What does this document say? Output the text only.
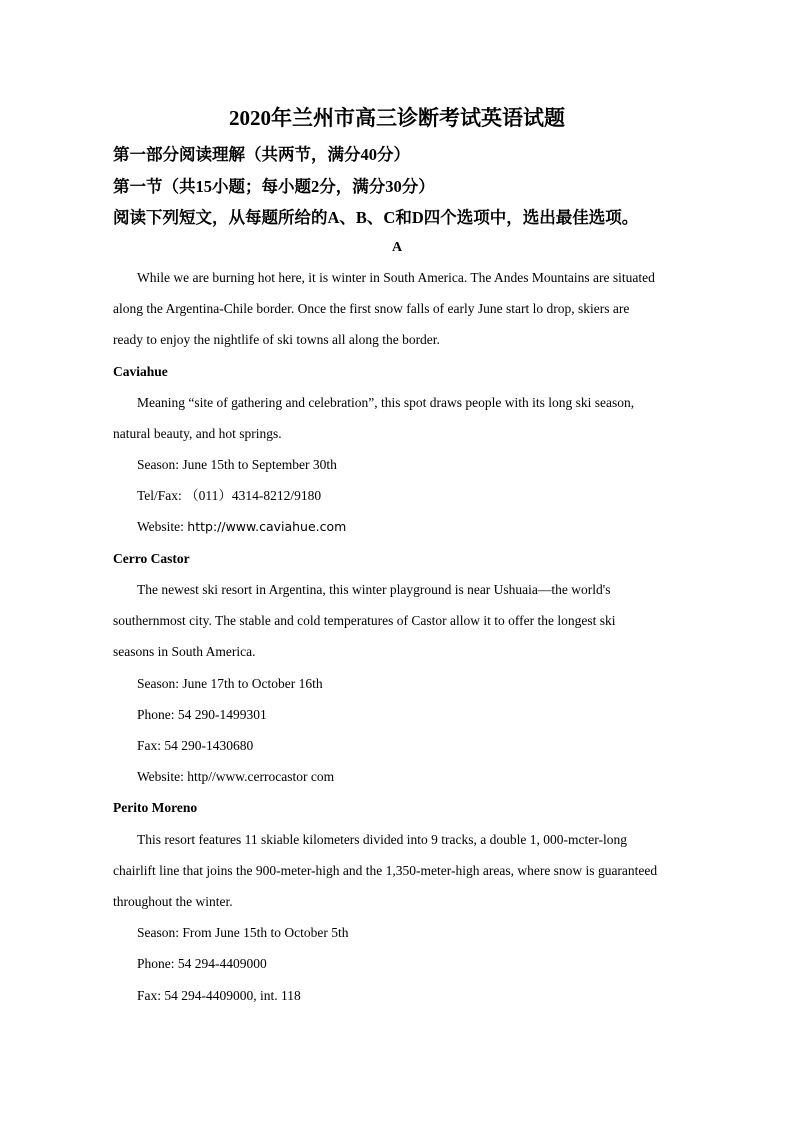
2020年兰州市高三诊断考试英语试题
第一部分阅读理解（共两节，满分40分）
第一节（共15小题；每小题2分，满分30分）
阅读下列短文，从每题所给的A、B、C和D四个选项中，选出最佳选项。
A
While we are burning hot here, it is winter in South America. The Andes Mountains are situated
along the Argentina-Chile border. Once the first snow falls of early June start lo drop, skiers are
ready to enjoy the nightlife of ski towns all along the border.
Caviahue
Meaning “site of gathering and celebration”, this spot draws people with its long ski season,
natural beauty, and hot springs.
Season: June 15th to September 30th
Tel/Fax: （011）4314-8212/9180
Website: http://www.caviahue.com
Cerro Castor
The newest ski resort in Argentina, this winter playground is near Ushuaia—the world's
southernmost city. The stable and cold temperatures of Castor allow it to offer the longest ski
seasons in South America.
Season: June 17th to October 16th
Phone: 54 290-1499301
Fax: 54 290-1430680
Website: http//www.cerrocastor com
Perito Moreno
This resort features 11 skiable kilometers divided into 9 tracks, a double 1, 000-mcter-long
chairlift line that joins the 900-meter-high and the 1,350-meter-high areas, where snow is guaranteed
throughout the winter.
Season: From June 15th to October 5th
Phone: 54 294-4409000
Fax: 54 294-4409000, int. 118
